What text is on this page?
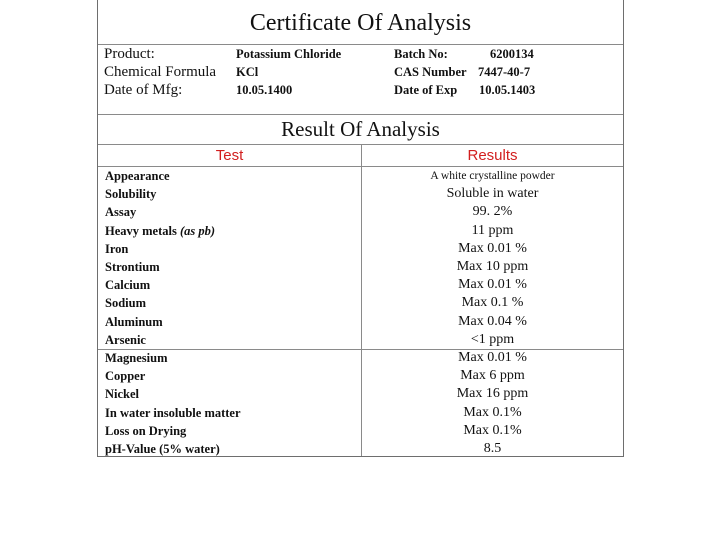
Certificate Of Analysis
Product:	Potassium Chloride	Batch No:	6200134
Chemical Formula KCl	CAS Number 7447-40-7
Date of Mfg:	10.05.1400	Date of Exp 10.05.1403
Result Of Analysis
Test	Results
Appearance	A white crystalline powder
Solubility	Soluble in water
Assay	99. 2%
Heavy metals (as pb)	11 ppm
Iron	Max 0.01 %
Strontium	Max 10 ppm
Calcium	Max 0.01 %
Sodium	Max 0.1 %
Aluminum	Max 0.04 %
Arsenic	<1 ppm
Magnesium	Max 0.01 %
Copper	Max 6 ppm
Nickel	Max 16 ppm
In water insoluble matter	Max 0.1%
Loss on Drying	Max 0.1%
pH-Value (5% water)	8.5
